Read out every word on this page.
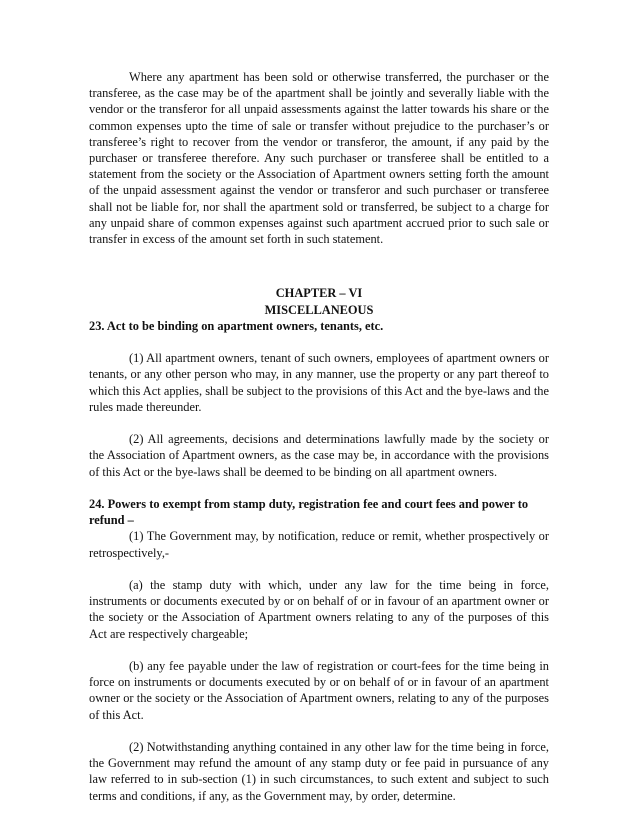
Where any apartment has been sold or otherwise transferred, the purchaser or the transferee, as the case may be of the apartment shall be jointly and severally liable with the vendor or the transferor for all unpaid assessments against the latter towards his share or the common expenses upto the time of sale or transfer without prejudice to the purchaser’s or transferee’s right to recover from the vendor or transferor, the amount, if any paid by the purchaser or transferee therefore. Any such purchaser or transferee shall be entitled to a statement from the society or the Association of Apartment owners setting forth the amount of the unpaid assessment against the vendor or transferor and such purchaser or transferee shall not be liable for, nor shall the apartment sold or transferred, be subject to a charge for any unpaid share of common expenses against such apartment accrued prior to such sale or transfer in excess of the amount set forth in such statement.

CHAPTER – VI

MISCELLANEOUS

23. Act to be binding on apartment owners, tenants, etc.

(1) All apartment owners, tenant of such owners, employees of apartment owners or tenants, or any other person who may, in any manner, use the property or any part thereof to which this Act applies, shall be subject to the provisions of this Act and the bye-laws and the rules made thereunder.

(2) All agreements, decisions and determinations lawfully made by the society or the Association of Apartment owners, as the case may be, in accordance with the provisions of this Act or the bye-laws shall be deemed to be binding on all apartment owners.

24. Powers to exempt from stamp duty, registration fee and court fees and power to refund –

(1) The Government may, by notification, reduce or remit, whether prospectively or retrospectively,-

(a) the stamp duty with which, under any law for the time being in force, instruments or documents executed by or on behalf of or in favour of an apartment owner or the society or the Association of Apartment owners relating to any of the purposes of this Act are respectively chargeable;

(b) any fee payable under the law of registration or court-fees for the time being in force on instruments or documents executed by or on behalf of or in favour of an apartment owner or the society or the Association of Apartment owners, relating to any of the purposes of this Act.

(2) Notwithstanding anything contained in any other law for the time being in force, the Government may refund the amount of any stamp duty or fee paid in pursuance of any law referred to in sub-section (1) in such circumstances, to such extent and subject to such terms and conditions, if any, as the Government may, by order, determine.
